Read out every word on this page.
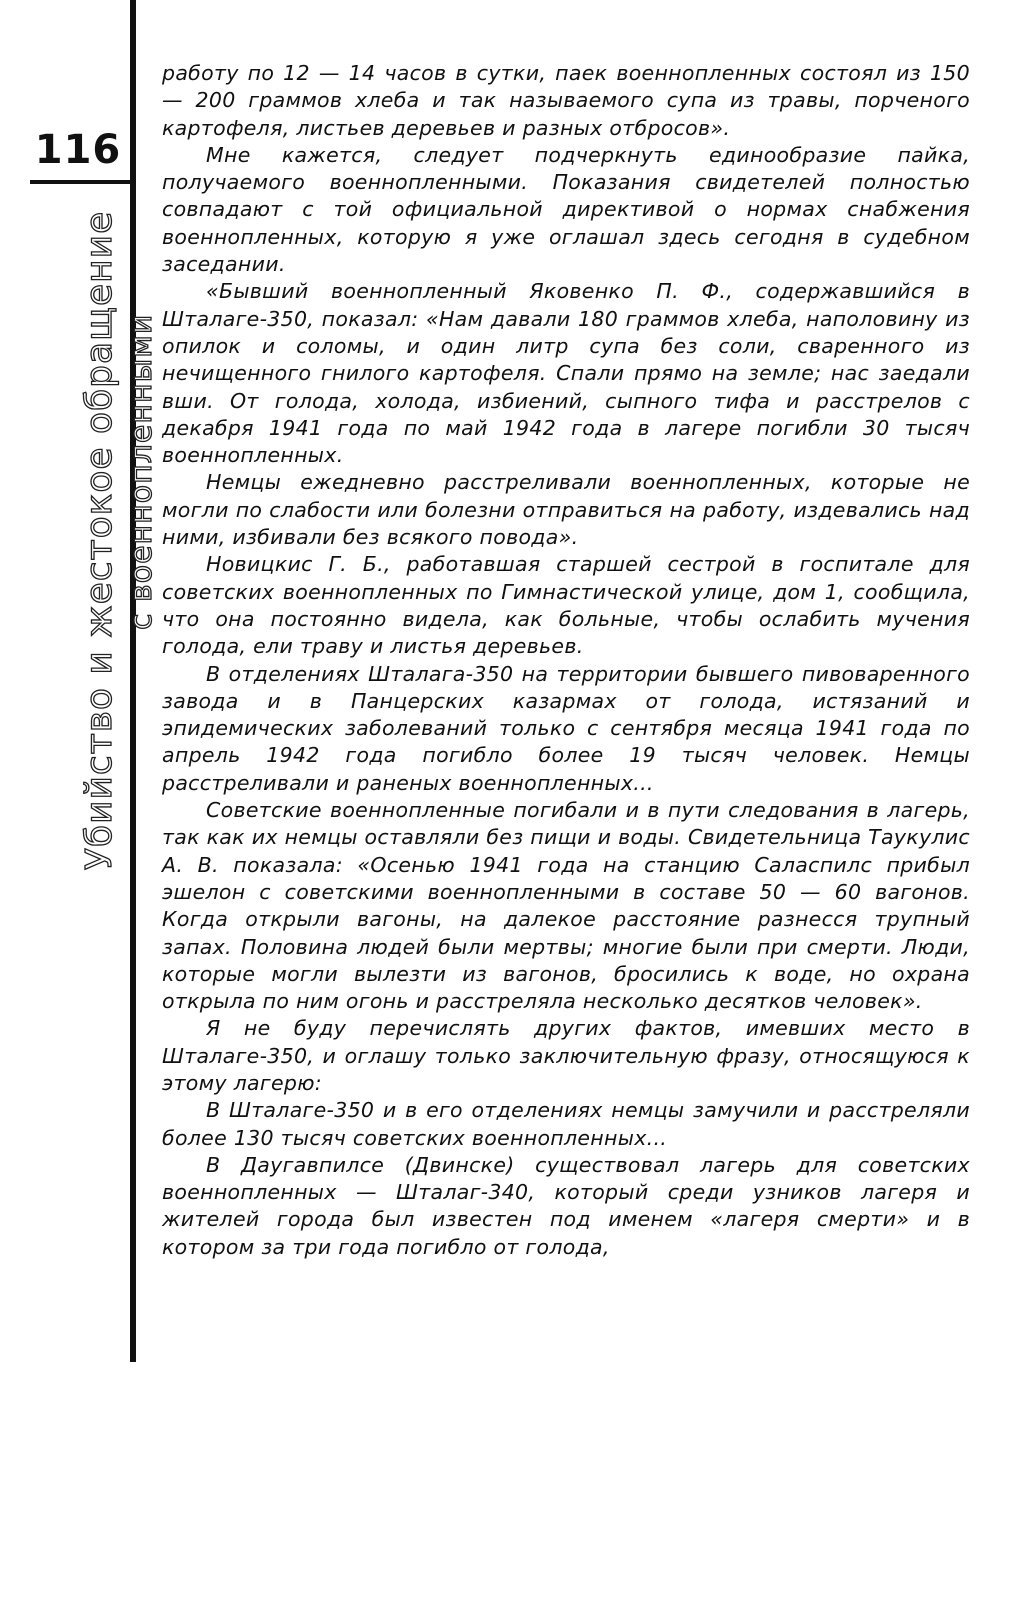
116
Убийство и жестокое обращение с военнопленными

работу по 12 — 14 часов в сутки, паек военнопленных состоял из 150 — 200 граммов хлеба и так называемого супа из травы, порченого картофеля, листьев деревьев и разных отбросов».

Мне кажется, следует подчеркнуть единообразие пайка, получаемого военнопленными. Показания свидетелей полностью совпадают с той официальной директивой о нормах снабжения военнопленных, которую я уже оглашал здесь сегодня в судебном заседании.

«Бывший военнопленный Яковенко П. Ф., содержавшийся в Шталаге-350, показал: «Нам давали 180 граммов хлеба, наполовину из опилок и соломы, и один литр супа без соли, сваренного из нечищенного гнилого картофеля. Спали прямо на земле; нас заедали вши. От голода, холода, избиений, сыпного тифа и расстрелов с декабря 1941 года по май 1942 года в лагере погибли 30 тысяч военнопленных.

Немцы ежедневно расстреливали военнопленных, которые не могли по слабости или болезни отправиться на работу, издевались над ними, избивали без всякого повода».

Новицкис Г. Б., работавшая старшей сестрой в госпитале для советских военнопленных по Гимнастической улице, дом 1, сообщила, что она постоянно видела, как больные, чтобы ослабить мучения голода, ели траву и листья деревьев.

В отделениях Шталага-350 на территории бывшего пивоваренного завода и в Панцерских казармах от голода, истязаний и эпидемических заболеваний только с сентября месяца 1941 года по апрель 1942 года погибло более 19 тысяч человек. Немцы расстреливали и раненых военнопленных...

Советские военнопленные погибали и в пути следования в лагерь, так как их немцы оставляли без пищи и воды. Свидетельница Таукулис А. В. показала: «Осенью 1941 года на станцию Саласпилс прибыл эшелон с советскими военнопленными в составе 50 — 60 вагонов. Когда открыли вагоны, на далекое расстояние разнесся трупный запах. Половина людей были мертвы; многие были при смерти. Люди, которые могли вылезти из вагонов, бросились к воде, но охрана открыла по ним огонь и расстреляла несколько десятков человек».

Я не буду перечислять других фактов, имевших место в Шталаге-350, и оглашу только заключительную фразу, относящуюся к этому лагерю:

В Шталаге-350 и в его отделениях немцы замучили и расстреляли более 130 тысяч советских военнопленных...

В Даугавпилсе (Двинске) существовал лагерь для советских военнопленных — Шталаг-340, который среди узников лагеря и жителей города был известен под именем «лагеря смерти» и в котором за три года погибло от голода,
